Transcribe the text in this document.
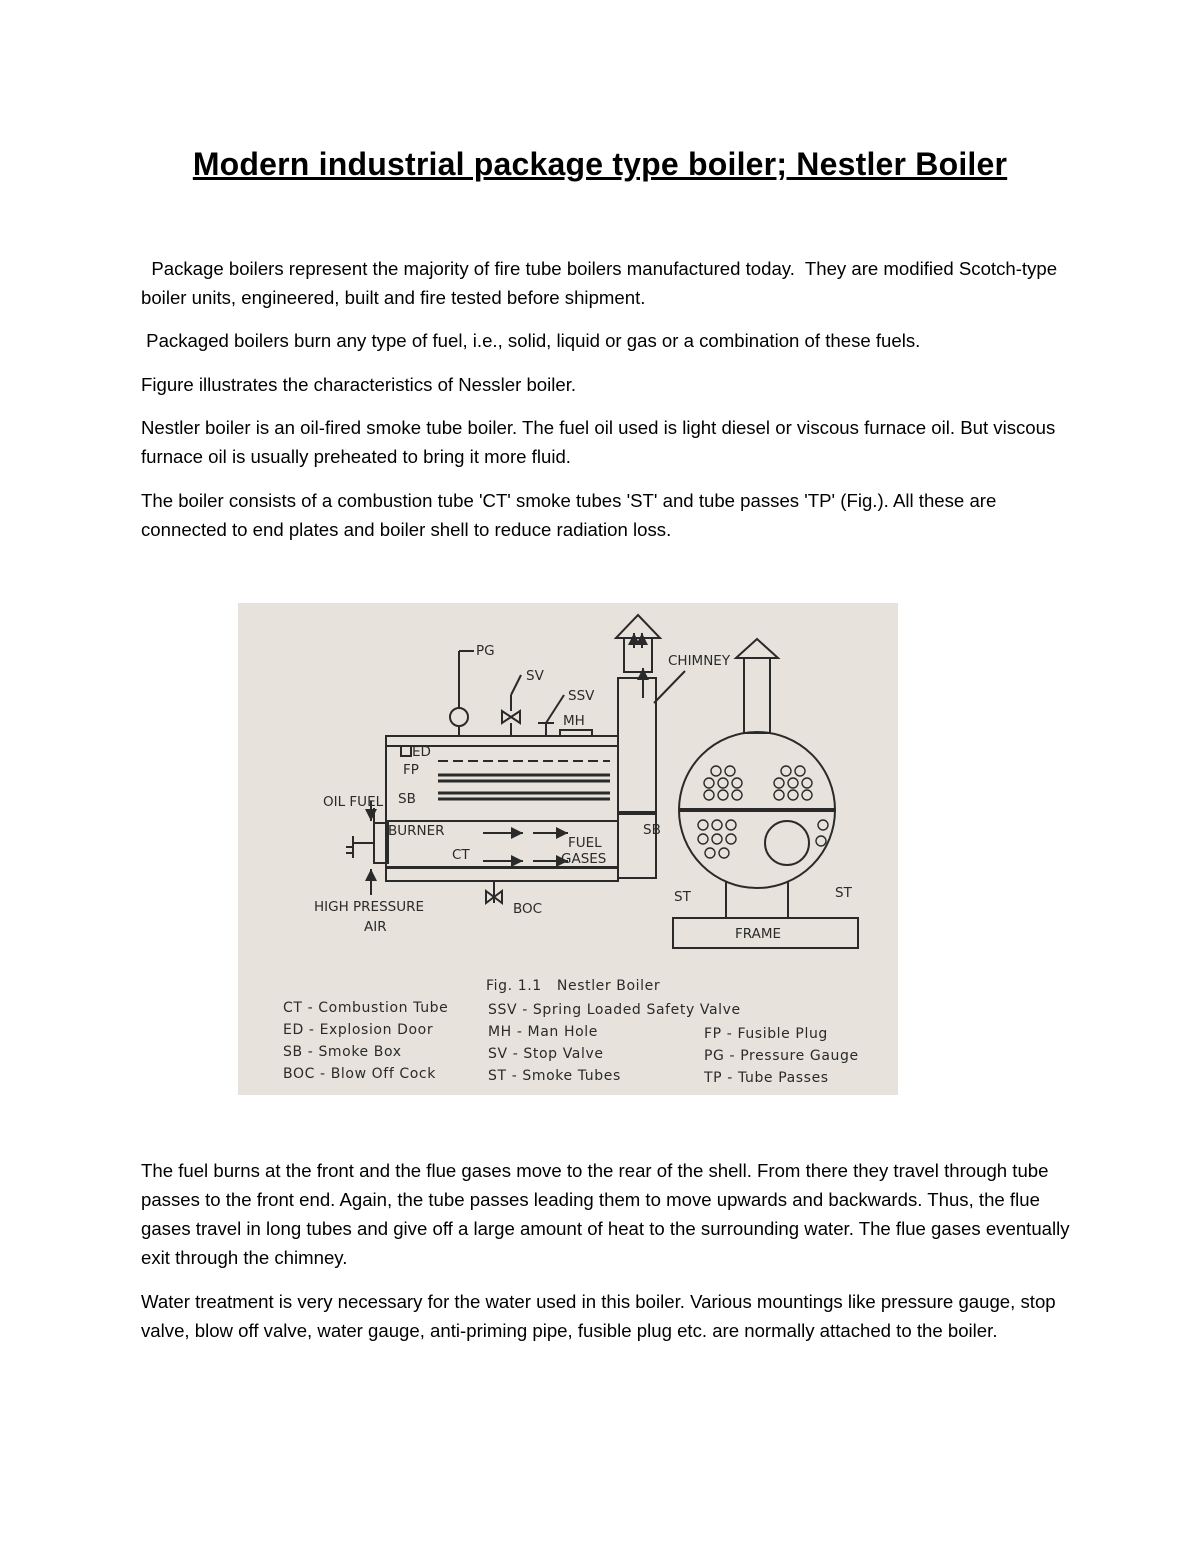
Modern industrial package type boiler; Nestler Boiler
Package boilers represent the majority of fire tube boilers manufactured today.  They are modified Scotch-type boiler units, engineered, built and fire tested before shipment.
Packaged boilers burn any type of fuel, i.e., solid, liquid or gas or a combination of these fuels.
Figure illustrates the characteristics of Nessler boiler.
Nestler boiler is an oil-fired smoke tube boiler. The fuel oil used is light diesel or viscous furnace oil. But viscous furnace oil is usually preheated to bring it more fluid.
The boiler consists of a combustion tube 'CT' smoke tubes 'ST' and tube passes 'TP' (Fig.). All these are connected to end plates and boiler shell to reduce radiation loss.
PG
SV
SSV
MH
CHIMNEY
ED
FP
SB
OIL FUEL
BURNER
CT
FUEL
GASES
SB
HIGH PRESSURE
AIR
BOC
ST	ST
FRAME
Fig. 1.1   Nestler Boiler
CT - Combustion Tube
ED - Explosion Door
SB - Smoke Box
BOC - Blow Off Cock
SSV - Spring Loaded Safety Valve
MH - Man Hole
SV - Stop Valve
ST - Smoke Tubes
FP - Fusible Plug
PG - Pressure Gauge
TP - Tube Passes
The fuel burns at the front and the flue gases move to the rear of the shell. From there they travel through tube passes to the front end. Again, the tube passes leading them to move upwards and backwards. Thus, the flue gases travel in long tubes and give off a large amount of heat to the surrounding water. The flue gases eventually exit through the chimney.
Water treatment is very necessary for the water used in this boiler. Various mountings like pressure gauge, stop valve, blow off valve, water gauge, anti-priming pipe, fusible plug etc. are normally attached to the boiler.
